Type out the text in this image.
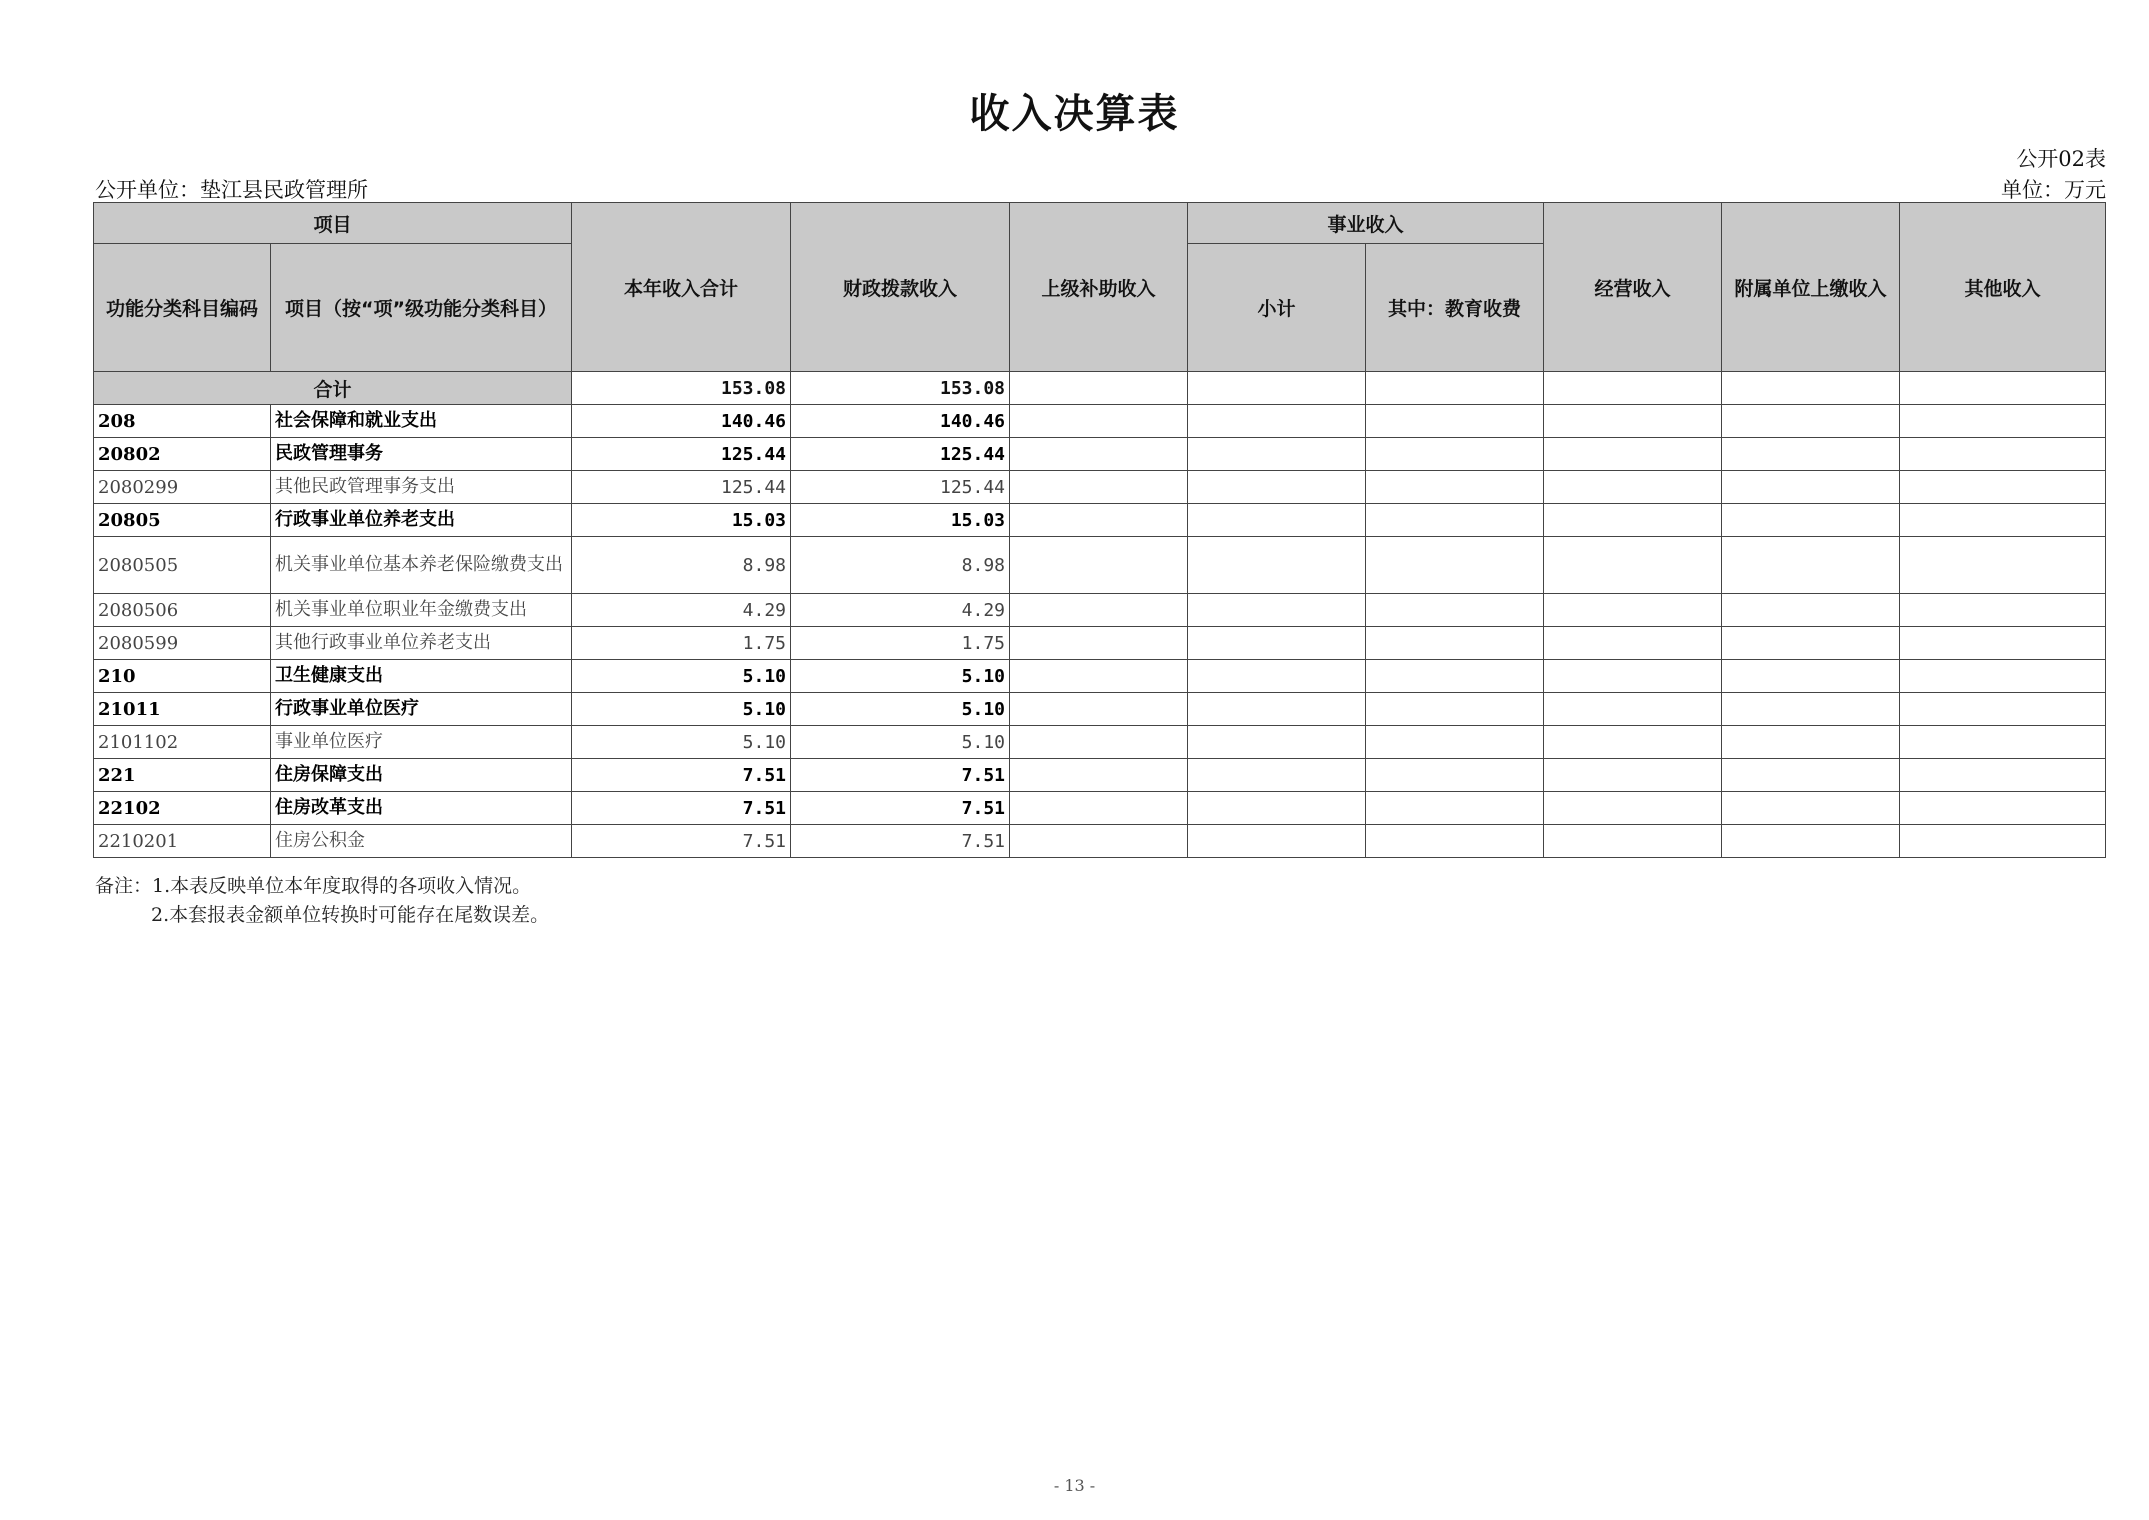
收入决算表
公开02表
公开单位：垫江县民政管理所	单位：万元
项目		本年收入合计	财政拨款收入	上级补助收入	事业收入		经营收入	附属单位上缴收入	其他收入
功能分类科目编码	项目（按“项”级功能分类科目）				小计	其中：教育收费			
合计		153.08	153.08						
208	社会保障和就业支出	140.46	140.46						
20802	民政管理事务	125.44	125.44						
2080299	其他民政管理事务支出	125.44	125.44						
20805	行政事业单位养老支出	15.03	15.03						
2080505	机关事业单位基本养老保险缴费支出	8.98	8.98						
2080506	机关事业单位职业年金缴费支出	4.29	4.29						
2080599	其他行政事业单位养老支出	1.75	1.75						
210	卫生健康支出	5.10	5.10						
21011	行政事业单位医疗	5.10	5.10						
2101102	事业单位医疗	5.10	5.10						
221	住房保障支出	7.51	7.51						
22102	住房改革支出	7.51	7.51						
2210201	住房公积金	7.51	7.51						
备注：1.本表反映单位本年度取得的各项收入情况。
2.本套报表金额单位转换时可能存在尾数误差。
- 13 -
